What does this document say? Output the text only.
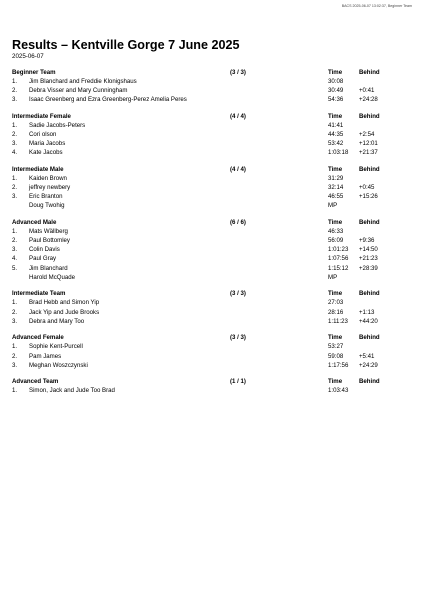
BACS 2025-06-07 13:02:37, Beginner Team
Results – Kentville Gorge 7 June 2025
2025-06-07
Beginner Team	(3 / 3)	Time	Behind
1. Jim Blanchard and Freddie Klonigshaus	30:08
2. Debra Visser and Mary Cunningham	30:49	+0:41
3. Isaac Greenberg and Ezra Greenberg-Perez Amelia Peres	54:36	+24:28
Intermediate Female	(4 / 4)	Time	Behind
1. Sadie Jacobs-Peters	41:41
2. Cori olson	44:35	+2:54
3. Maria Jacobs	53:42	+12:01
4. Kate Jacobs	1:03:18 +21:37
Intermediate Male	(4 / 4)	Time	Behind
1. Kaiden Brown	31:29
2. jeffrey newbery	32:14	+0:45
3. Eric Branton	46:55	+15:26
Doug Twohig	MP
Advanced Male	(6 / 6)	Time	Behind
1. Mats Wällberg	46:33
2. Paul Bottomley	56:09	+9:36
3. Colin Davis	1:01:23 +14:50
4. Paul Gray	1:07:56 +21:23
5. Jim Blanchard	1:15:12 +28:39
Harold McQuade	MP
Intermediate Team	(3 / 3)	Time	Behind
1. Brad Hebb and Simon Yip	27:03
2. Jack Yip and Jude Brooks	28:16	+1:13
3. Debra and Mary Too	1:11:23 +44:20
Advanced Female	(3 / 3)	Time	Behind
1. Sophie Kent-Purcell	53:27
2. Pam James	59:08	+5:41
3. Meghan Woszczynski	1:17:56 +24:29
Advanced Team	(1 / 1)	Time	Behind
1. Simon, Jack and Jude Too Brad	1:03:43
